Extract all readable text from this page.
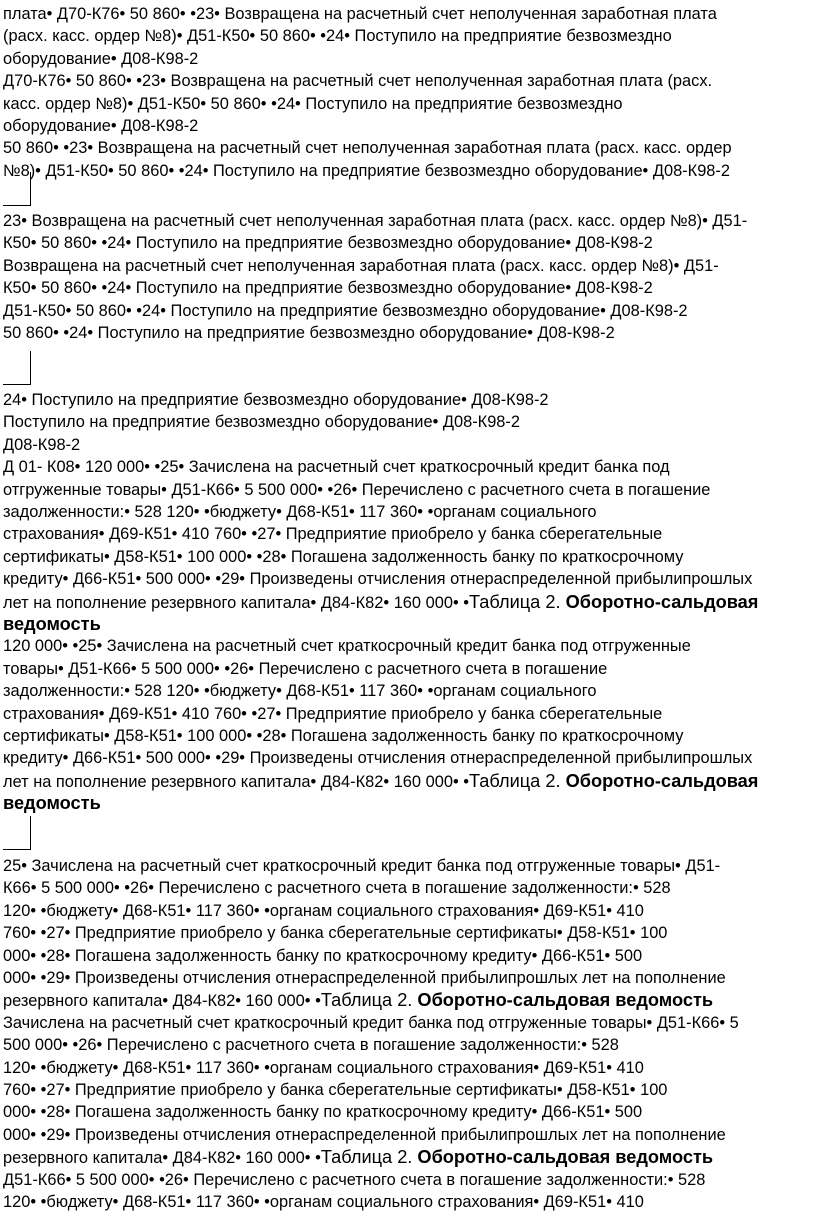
плата• Д70-К76• 50 860• •23• Возвращена на расчетный счет неполученная заработная плата
(расх. касс. ордер №8)• Д51-К50• 50 860• •24• Поступило на предприятие безвозмездно
оборудование• Д08-К98-2
Д70-К76• 50 860• •23• Возвращена на расчетный счет неполученная заработная плата (расх.
касс. ордер №8)• Д51-К50• 50 860• •24• Поступило на предприятие безвозмездно
оборудование• Д08-К98-2
50 860• •23• Возвращена на расчетный счет неполученная заработная плата (расх. касс. ордер
№8)• Д51-К50• 50 860• •24• Поступило на предприятие безвозмездно оборудование• Д08-К98-2
23• Возвращена на расчетный счет неполученная заработная плата (расх. касс. ордер №8)• Д51-
К50• 50 860• •24• Поступило на предприятие безвозмездно оборудование• Д08-К98-2
Возвращена на расчетный счет неполученная заработная плата (расх. касс. ордер №8)• Д51-
К50• 50 860• •24• Поступило на предприятие безвозмездно оборудование• Д08-К98-2
Д51-К50• 50 860• •24• Поступило на предприятие безвозмездно оборудование• Д08-К98-2
50 860• •24• Поступило на предприятие безвозмездно оборудование• Д08-К98-2
24• Поступило на предприятие безвозмездно оборудование• Д08-К98-2
Поступило на предприятие безвозмездно оборудование• Д08-К98-2
Д08-К98-2
Д 01- К08• 120 000• •25• Зачислена на расчетный счет краткосрочный кредит банка под
отгруженные товары• Д51-К66• 5 500 000• •26• Перечислено с расчетного счета в погашение
задолженности:• 528 120• •бюджету• Д68-К51• 117 360• •органам социального
страхования• Д69-К51• 410 760• •27• Предприятие приобрело у банка сберегательные
сертификаты• Д58-К51• 100 000• •28• Погашена задолженность банку по краткосрочному
кредиту• Д66-К51• 500 000• •29• Произведены отчисления отнераспределенной прибылипрошлых
лет на пополнение резервного капитала• Д84-К82• 160 000• •Таблица 2. Оборотно-сальдовая
ведомость
120 000• •25• Зачислена на расчетный счет краткосрочный кредит банка под отгруженные
товары• Д51-К66• 5 500 000• •26• Перечислено с расчетного счета в погашение
задолженности:• 528 120• •бюджету• Д68-К51• 117 360• •органам социального
страхования• Д69-К51• 410 760• •27• Предприятие приобрело у банка сберегательные
сертификаты• Д58-К51• 100 000• •28• Погашена задолженность банку по краткосрочному
кредиту• Д66-К51• 500 000• •29• Произведены отчисления отнераспределенной прибылипрошлых
лет на пополнение резервного капитала• Д84-К82• 160 000• •Таблица 2. Оборотно-сальдовая
ведомость
25• Зачислена на расчетный счет краткосрочный кредит банка под отгруженные товары• Д51-
К66• 5 500 000• •26• Перечислено с расчетного счета в погашение задолженности:• 528
120• •бюджету• Д68-К51• 117 360• •органам социального страхования• Д69-К51• 410
760• •27• Предприятие приобрело у банка сберегательные сертификаты• Д58-К51• 100
000• •28• Погашена задолженность банку по краткосрочному кредиту• Д66-К51• 500
000• •29• Произведены отчисления отнераспределенной прибылипрошлых лет на пополнение
резервного капитала• Д84-К82• 160 000• •Таблица 2. Оборотно-сальдовая ведомость
Зачислена на расчетный счет краткосрочный кредит банка под отгруженные товары• Д51-К66• 5
500 000• •26• Перечислено с расчетного счета в погашение задолженности:• 528
120• •бюджету• Д68-К51• 117 360• •органам социального страхования• Д69-К51• 410
760• •27• Предприятие приобрело у банка сберегательные сертификаты• Д58-К51• 100
000• •28• Погашена задолженность банку по краткосрочному кредиту• Д66-К51• 500
000• •29• Произведены отчисления отнераспределенной прибылипрошлых лет на пополнение
резервного капитала• Д84-К82• 160 000• •Таблица 2. Оборотно-сальдовая ведомость
Д51-К66• 5 500 000• •26• Перечислено с расчетного счета в погашение задолженности:• 528
120• •бюджету• Д68-К51• 117 360• •органам социального страхования• Д69-К51• 410
